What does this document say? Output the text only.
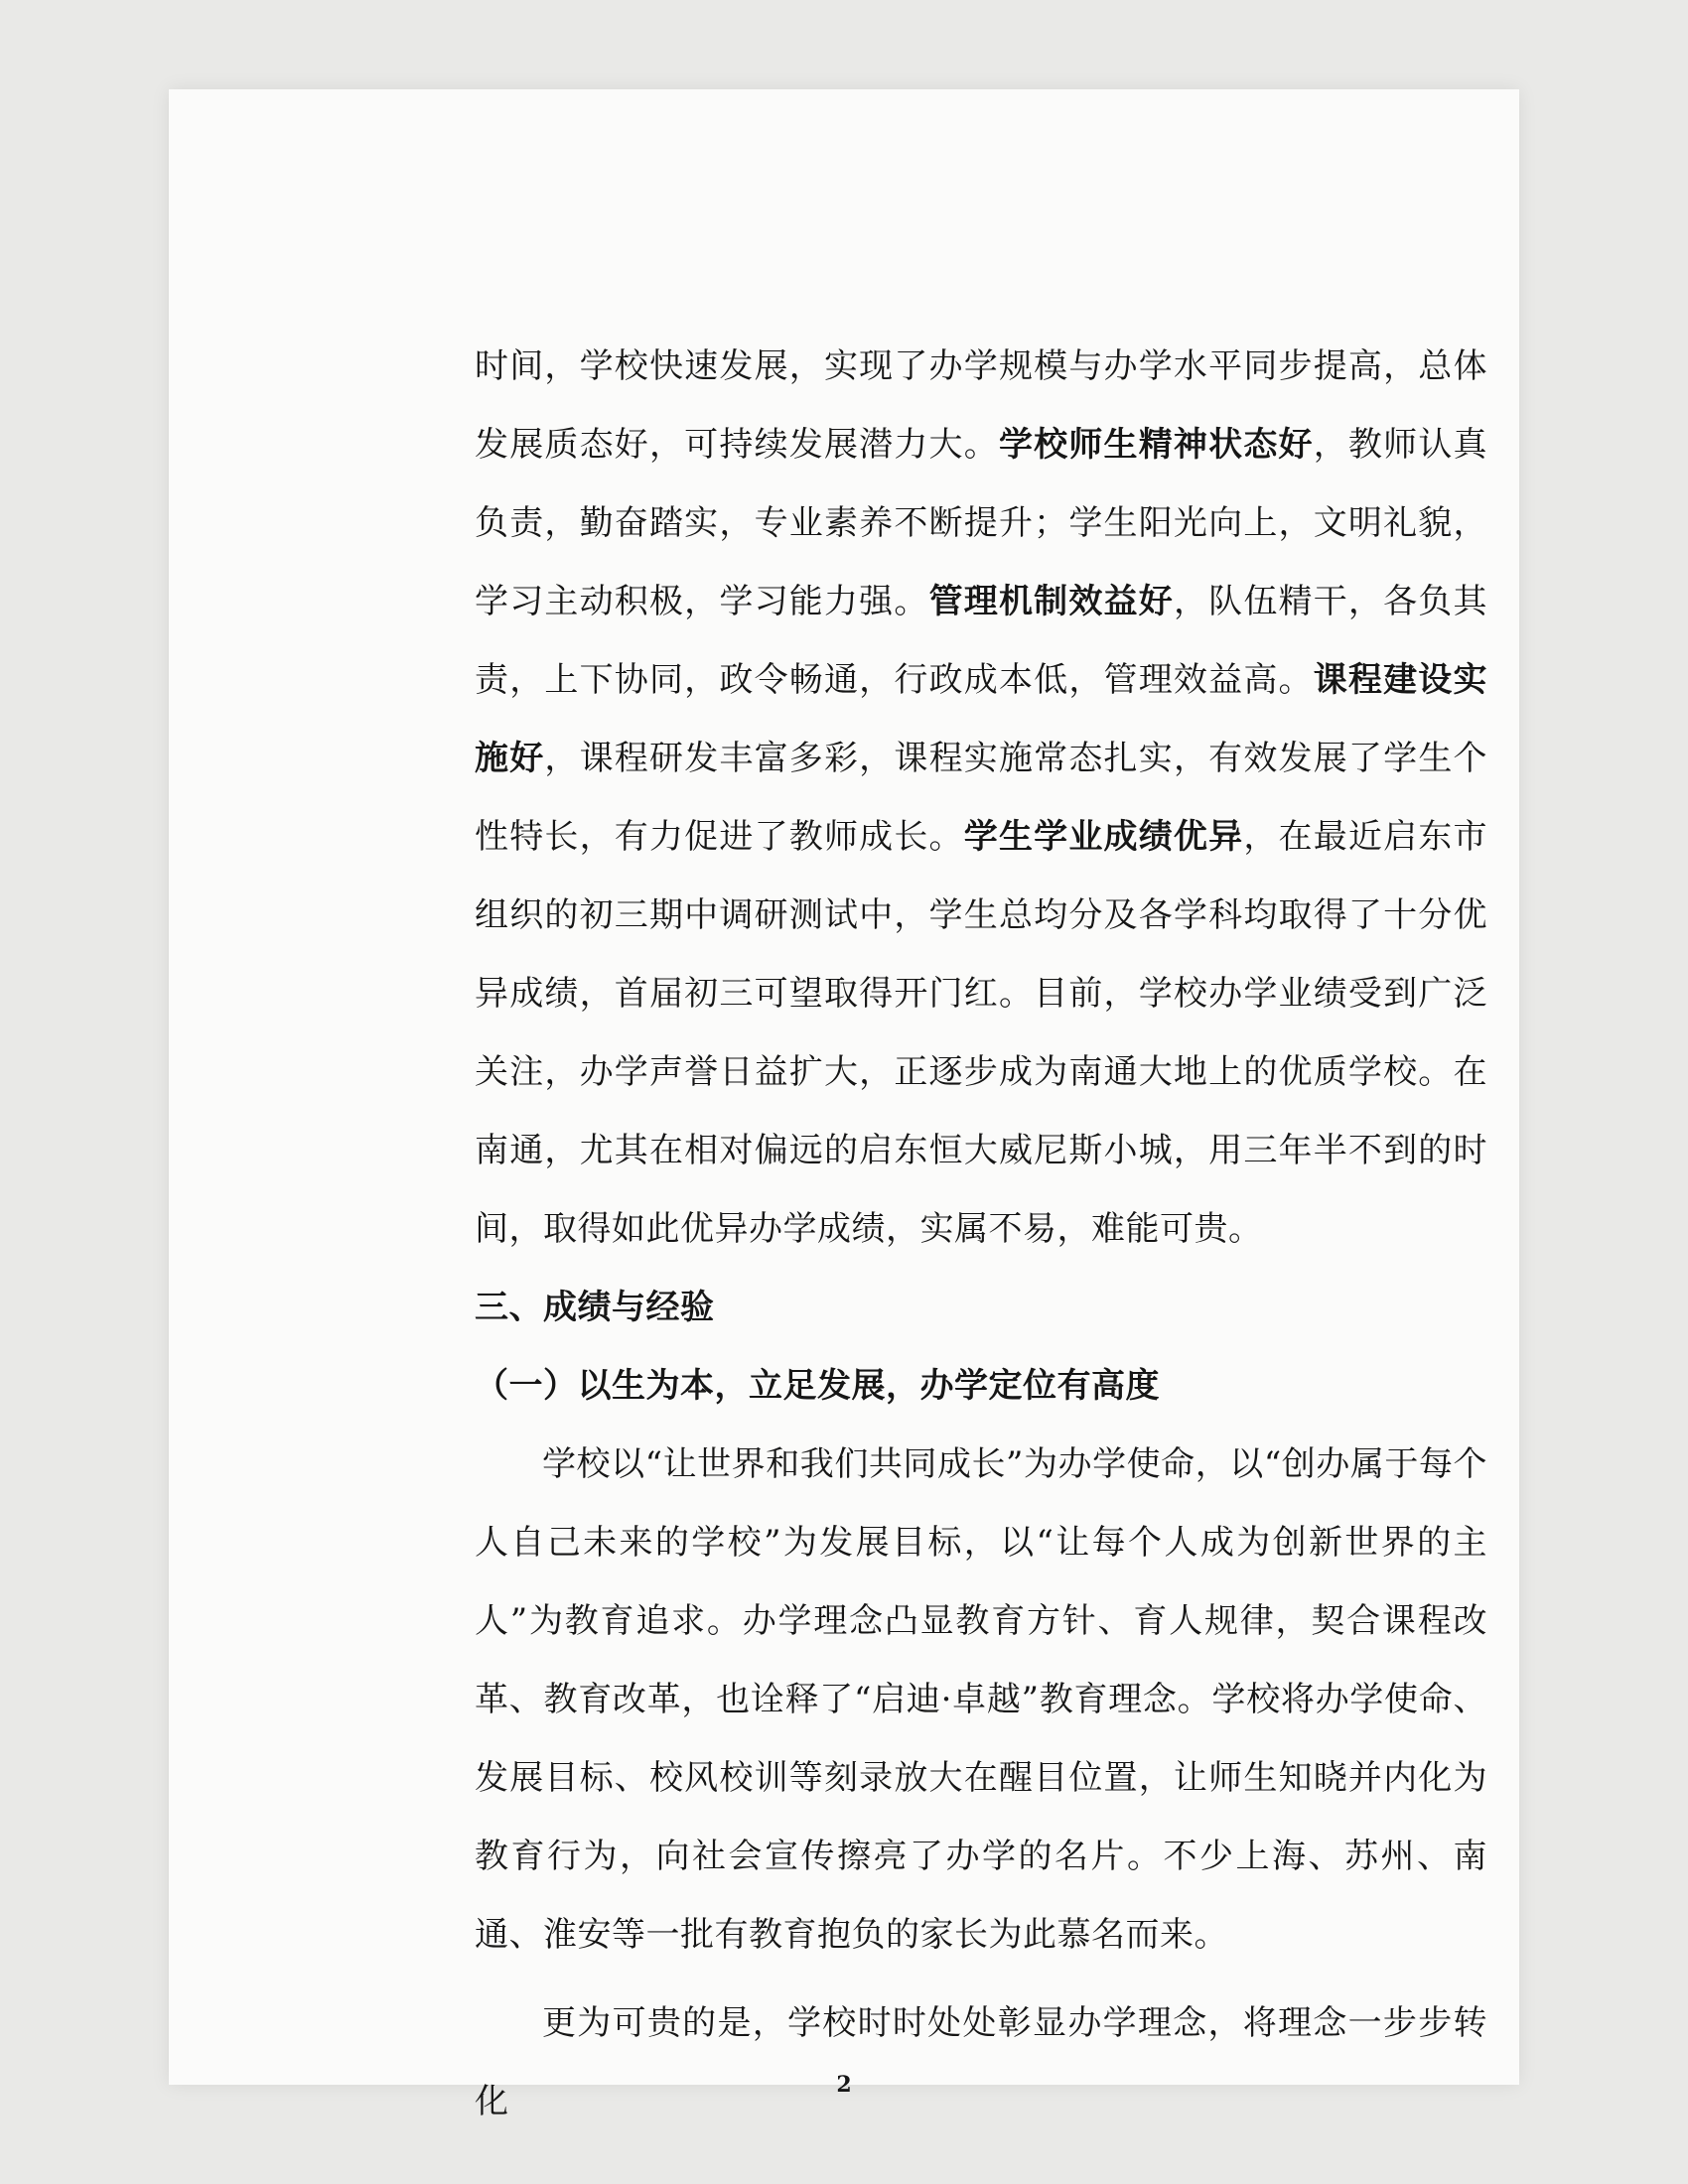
时间，学校快速发展，实现了办学规模与办学水平同步提高，总体发展质态好，可持续发展潜力大。学校师生精神状态好，教师认真负责，勤奋踏实，专业素养不断提升；学生阳光向上，文明礼貌，学习主动积极，学习能力强。管理机制效益好，队伍精干，各负其责，上下协同，政令畅通，行政成本低，管理效益高。课程建设实施好，课程研发丰富多彩，课程实施常态扎实，有效发展了学生个性特长，有力促进了教师成长。学生学业成绩优异，在最近启东市组织的初三期中调研测试中，学生总均分及各学科均取得了十分优异成绩，首届初三可望取得开门红。目前，学校办学业绩受到广泛关注，办学声誉日益扩大，正逐步成为南通大地上的优质学校。在南通，尤其在相对偏远的启东恒大威尼斯小城，用三年半不到的时间，取得如此优异办学成绩，实属不易，难能可贵。

三、成绩与经验

（一）以生为本，立足发展，办学定位有高度

学校以“让世界和我们共同成长”为办学使命，以“创办属于每个人自己未来的学校”为发展目标，以“让每个人成为创新世界的主人”为教育追求。办学理念凸显教育方针、育人规律，契合课程改革、教育改革，也诠释了“启迪·卓越”教育理念。学校将办学使命、发展目标、校风校训等刻录放大在醒目位置，让师生知晓并内化为教育行为，向社会宣传擦亮了办学的名片。不少上海、苏州、南通、淮安等一批有教育抱负的家长为此慕名而来。

更为可贵的是，学校时时处处彰显办学理念，将理念一步步转化	2
